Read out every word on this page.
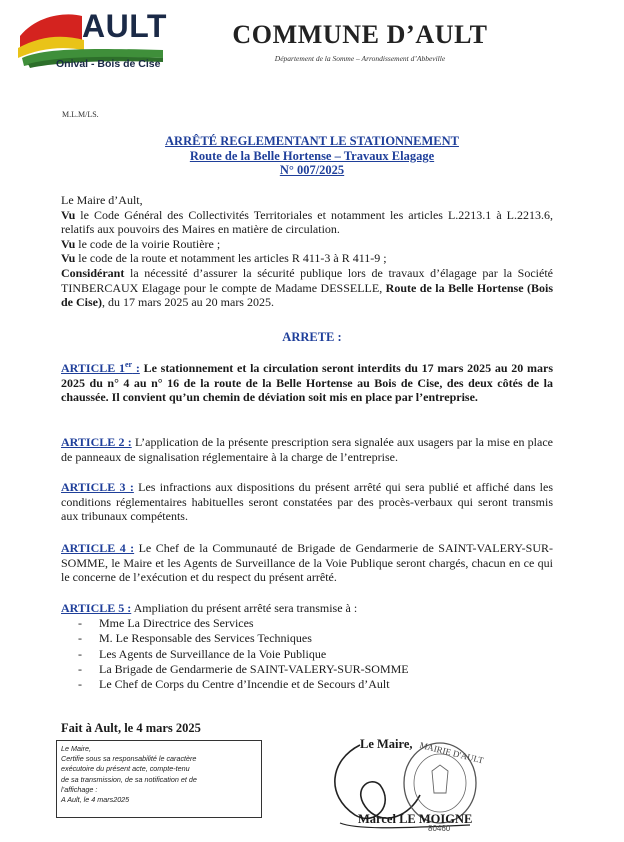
AULT
Onival - Bois de Cise
COMMUNE D’AULT
Département de la Somme – Arrondissement d’Abbeville
M.L.M/LS.
ARRÊTÉ REGLEMENTANT LE STATIONNEMENT
Route de la Belle Hortense – Travaux Elagage
N° 007/2025

Le Maire d’Ault,

Vu le Code Général des Collectivités Territoriales et notamment les articles L.2213.1 à L.2213.6, relatifs aux pouvoirs des Maires en matière de circulation.

Vu le code de la voirie Routière ;

Vu le code de la route et notamment les articles R 411-3 à R 411-9 ;

Considérant la nécessité d’assurer la sécurité publique lors de travaux d’élagage par la Société TINBERCAUX Elagage pour le compte de Madame DESSELLE, Route de la Belle Hortense (Bois de Cise), du 17 mars 2025 au 20 mars 2025.

ARRETE :
ARTICLE 1er : Le stationnement et la circulation seront interdits du 17 mars 2025 au 20 mars 2025 du n° 4 au n° 16 de la route de la Belle Hortense au Bois de Cise, des deux côtés de la chaussée. Il convient qu’un chemin de déviation soit mis en place par l’entreprise.
ARTICLE 2 : L’application de la présente prescription sera signalée aux usagers par la mise en place de panneaux de signalisation réglementaire à la charge de l’entreprise.
ARTICLE 3 : Les infractions aux dispositions du présent arrêté qui sera publié et affiché dans les conditions réglementaires habituelles seront constatées par des procès-verbaux qui seront transmis aux tribunaux compétents.
ARTICLE 4 : Le Chef de la Communauté de Brigade de Gendarmerie de SAINT-VALERY-SUR-SOMME, le Maire et les Agents de Surveillance de la Voie Publique seront chargés, chacun en ce qui le concerne de l’exécution et du respect du présent arrêté.
ARTICLE 5 : Ampliation du présent arrêté sera transmise à :
- Mme La Directrice des Services
- M. Le Responsable des Services Techniques
- Les Agents de Surveillance de la Voie Publique
- La Brigade de Gendarmerie de SAINT-VALERY-SUR-SOMME
- Le Chef de Corps du Centre d’Incendie et de Secours d’Ault
Fait à Ault, le 4 mars 2025
Le Maire,
Certifie sous sa responsabilité le caractère
exécutoire du présent acte, compte-tenu
de sa transmission, de sa notification et de
l’affichage :
A Ault, le 4 mars2025
MAIRIE D'AULT
80460
Le Maire,
Marcel LE MOIGNE
